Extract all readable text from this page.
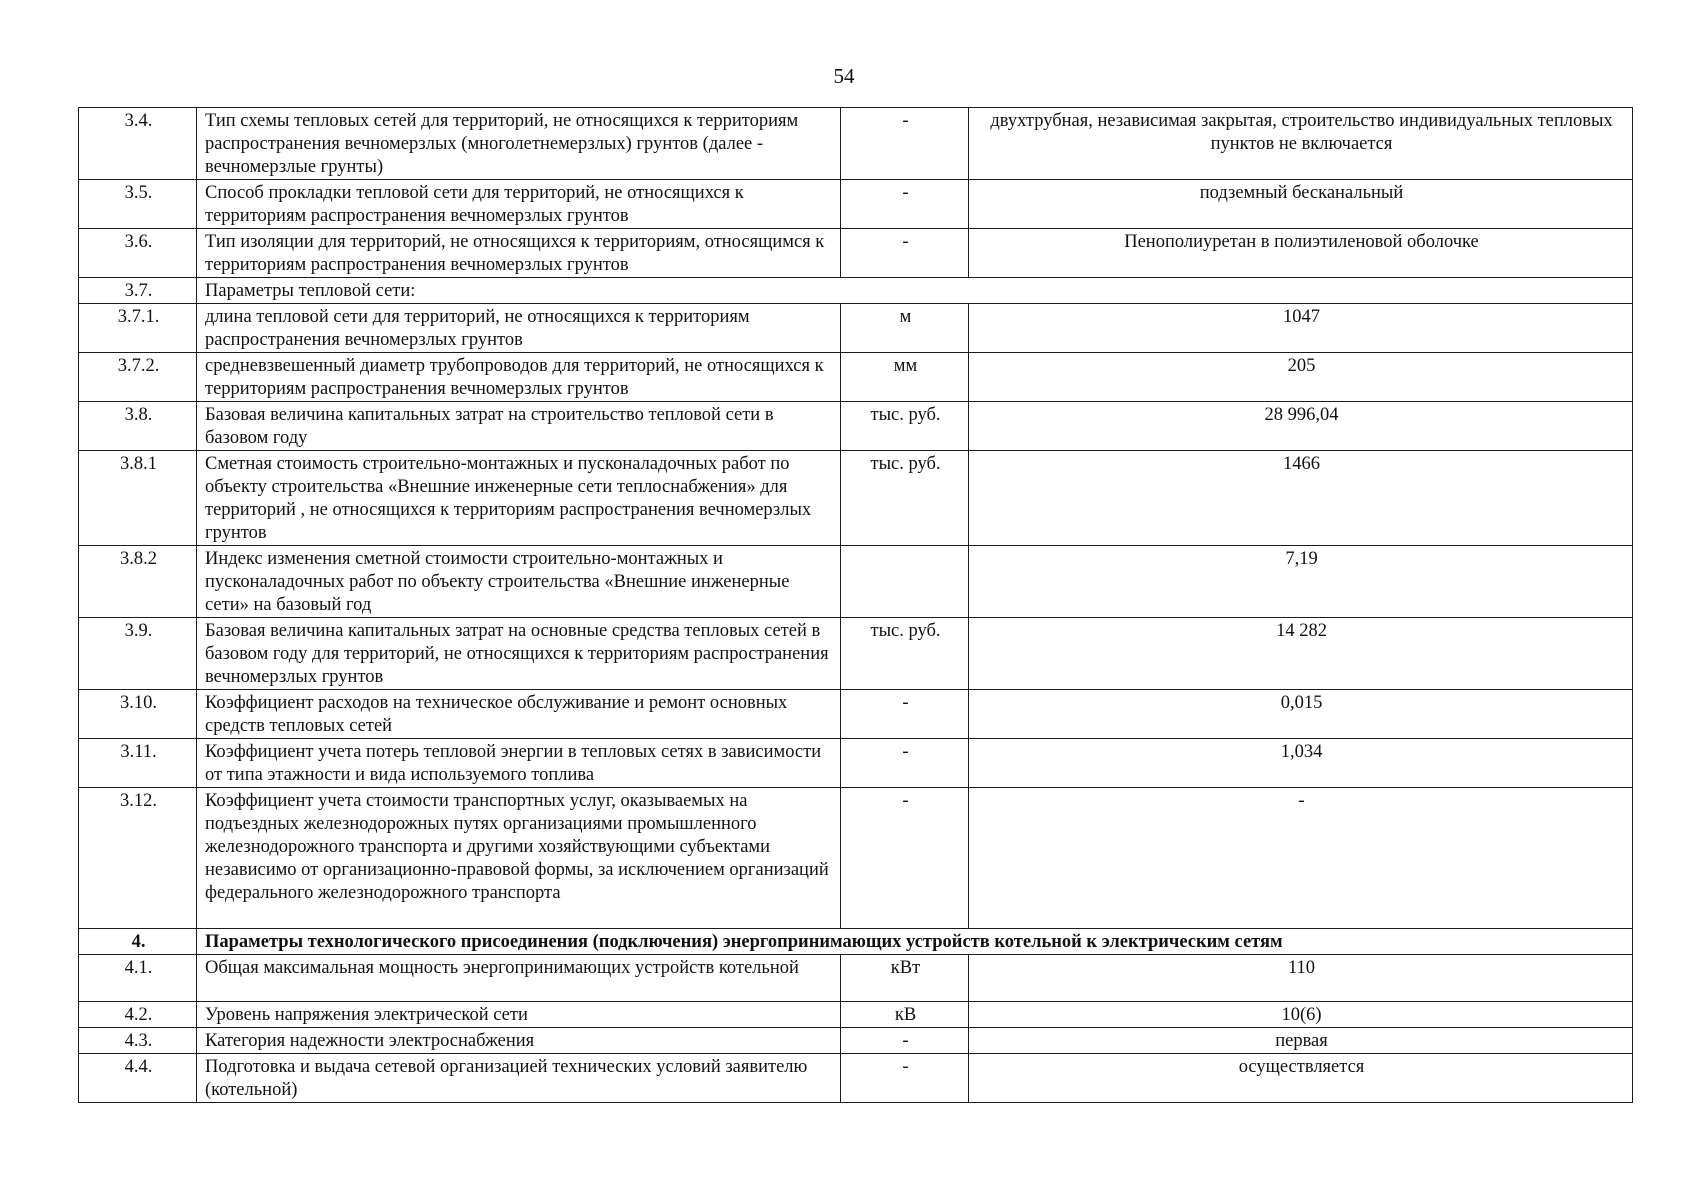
54
3.4.	Тип схемы тепловых сетей для территорий, не относящихся к территориям распространения вечномерзлых (многолетнемерзлых) грунтов (далее - вечномерзлые грунты)	-	двухтрубная, независимая закрытая, строительство индивидуальных тепловых пунктов не включается
3.5.	Способ прокладки тепловой сети для территорий, не относящихся к территориям распространения вечномерзлых грунтов	-	подземный бесканальный
3.6.	Тип изоляции для территорий, не относящихся к территориям, относящимся к территориям распространения вечномерзлых грунтов	-	Пенополиуретан в полиэтиленовой оболочке
3.7.	Параметры тепловой сети:		
3.7.1.	длина тепловой сети для территорий, не относящихся к территориям распространения вечномерзлых грунтов	м	1047
3.7.2.	средневзвешенный диаметр трубопроводов для территорий, не относящихся к территориям распространения вечномерзлых грунтов	мм	205
3.8.	Базовая величина капитальных затрат на строительство тепловой сети в базовом году	тыс. руб.	28 996,04
3.8.1	Сметная стоимость строительно-монтажных и пусконаладочных работ по объекту строительства «Внешние инженерные сети теплоснабжения» для территорий , не относящихся к территориям распространения вечномерзлых грунтов	тыс. руб.	1466
3.8.2	Индекс изменения сметной стоимости строительно-монтажных и пусконаладочных работ по объекту строительства «Внешние инженерные сети» на базовый год		7,19
3.9.	Базовая величина капитальных затрат на основные средства тепловых сетей в базовом году для территорий, не относящихся к территориям распространения вечномерзлых грунтов	тыс. руб.	14 282
3.10.	Коэффициент расходов на техническое обслуживание и ремонт основных средств тепловых сетей	-	0,015
3.11.	Коэффициент учета потерь тепловой энергии в тепловых сетях в зависимости от типа этажности и вида используемого топлива	-	1,034
3.12.	Коэффициент учета стоимости транспортных услуг, оказываемых на подъездных железнодорожных путях организациями промышленного железнодорожного транспорта и другими хозяйствующими субъектами независимо от организационно-правовой формы, за исключением организаций федерального железнодорожного транспорта	-	-
4.	Параметры технологического присоединения (подключения) энергопринимающих устройств котельной к электрическим сетям		
4.1.	Общая максимальная мощность энергопринимающих устройств котельной	кВт	110
4.2.	Уровень напряжения электрической сети	кВ	10(6)
4.3.	Категория надежности электроснабжения	-	первая
4.4.	Подготовка и выдача сетевой организацией технических условий заявителю (котельной)	-	осуществляется
